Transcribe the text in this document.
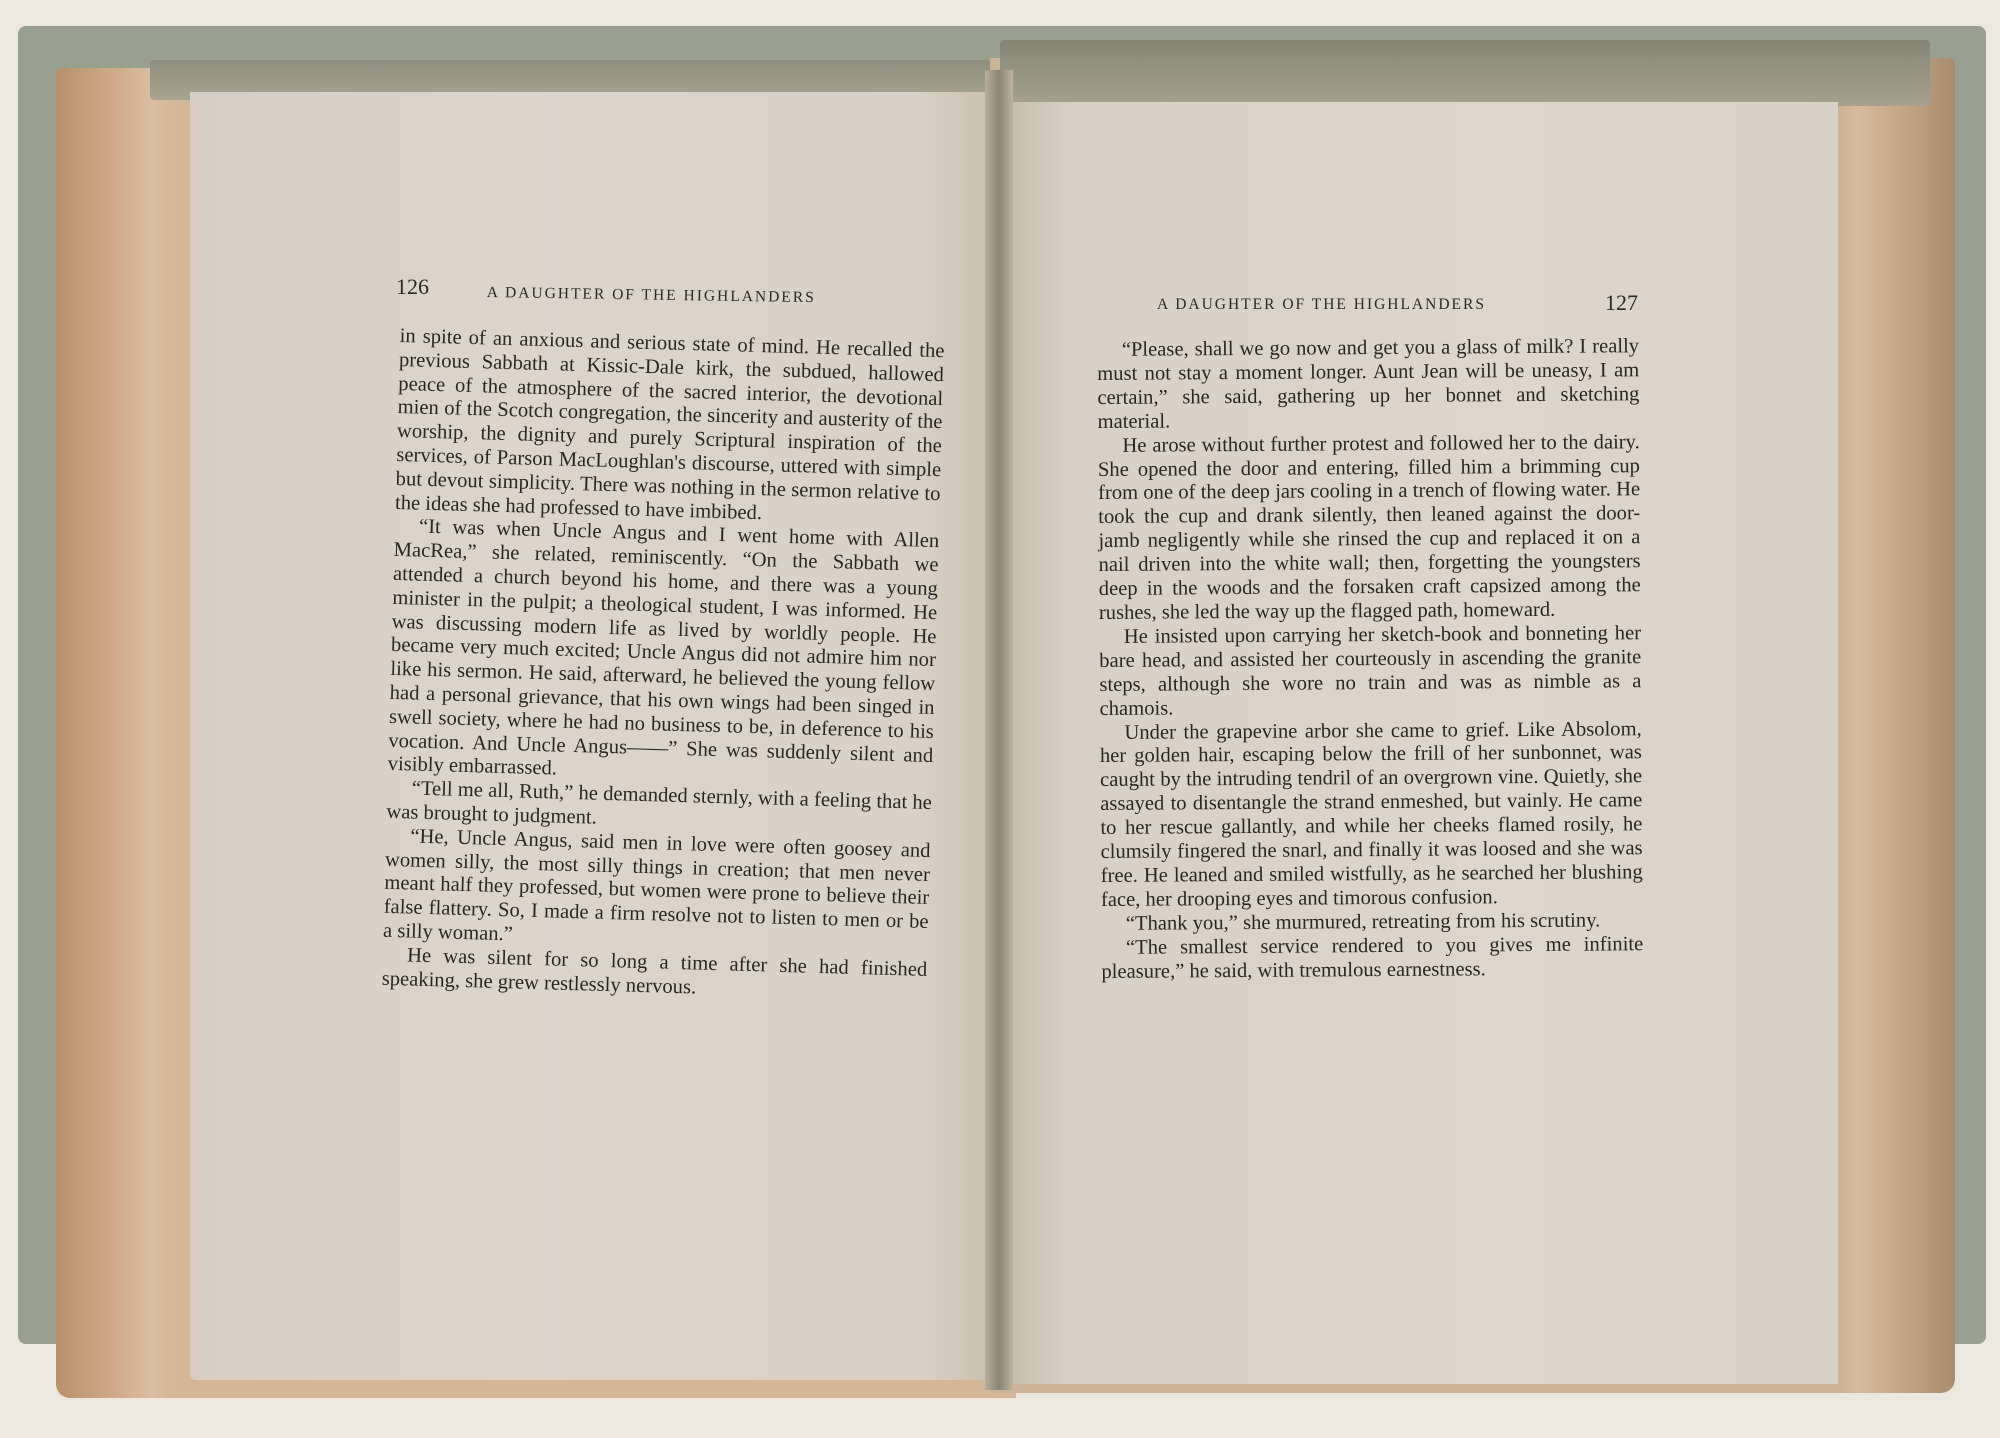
126	A DAUGHTER OF THE HIGHLANDERS	A DAUGHTER OF THE HIGHLANDERS	127

in spite of an anxious and serious state of mind. He recalled the previous Sabbath at Kissic-Dale kirk, the subdued, hallowed peace of the atmosphere of the sacred interior, the devotional mien of the Scotch congregation, the sincerity and austerity of the worship, the dignity and purely Scriptural inspiration of the services, of Parson MacLoughlan's discourse, uttered with simple but devout simplicity. There was nothing in the sermon relative to the ideas she had professed to have imbibed.

“It was when Uncle Angus and I went home with Allen MacRea,” she related, reminiscently. “On the Sabbath we attended a church beyond his home, and there was a young minister in the pulpit; a theological student, I was informed. He was discussing modern life as lived by worldly people. He became very much excited; Uncle Angus did not admire him nor like his sermon. He said, afterward, he believed the young fellow had a personal grievance, that his own wings had been singed in swell society, where he had no business to be, in deference to his vocation. And Uncle Angus——” She was suddenly silent and visibly embarrassed.

“Tell me all, Ruth,” he demanded sternly, with a feeling that he was brought to judgment.

“He, Uncle Angus, said men in love were often goosey and women silly, the most silly things in creation; that men never meant half they professed, but women were prone to believe their false flattery. So, I made a firm resolve not to listen to men or be a silly woman.”

He was silent for so long a time after she had finished speaking, she grew restlessly nervous.

“Please, shall we go now and get you a glass of milk? I really must not stay a moment longer. Aunt Jean will be uneasy, I am certain,” she said, gathering up her bonnet and sketching material.

He arose without further protest and followed her to the dairy. She opened the door and entering, filled him a brimming cup from one of the deep jars cooling in a trench of flowing water. He took the cup and drank silently, then leaned against the door-jamb negligently while she rinsed the cup and replaced it on a nail driven into the white wall; then, forgetting the youngsters deep in the woods and the forsaken craft capsized among the rushes, she led the way up the flagged path, homeward.

He insisted upon carrying her sketch-book and bonneting her bare head, and assisted her courteously in ascending the granite steps, although she wore no train and was as nimble as a chamois.

Under the grapevine arbor she came to grief. Like Absolom, her golden hair, escaping below the frill of her sunbonnet, was caught by the intruding tendril of an overgrown vine. Quietly, she assayed to disentangle the strand enmeshed, but vainly. He came to her rescue gallantly, and while her cheeks flamed rosily, he clumsily fingered the snarl, and finally it was loosed and she was free. He leaned and smiled wistfully, as he searched her blushing face, her drooping eyes and timorous confusion.

“Thank you,” she murmured, retreating from his scrutiny.

“The smallest service rendered to you gives me infinite pleasure,” he said, with tremulous earnestness.
